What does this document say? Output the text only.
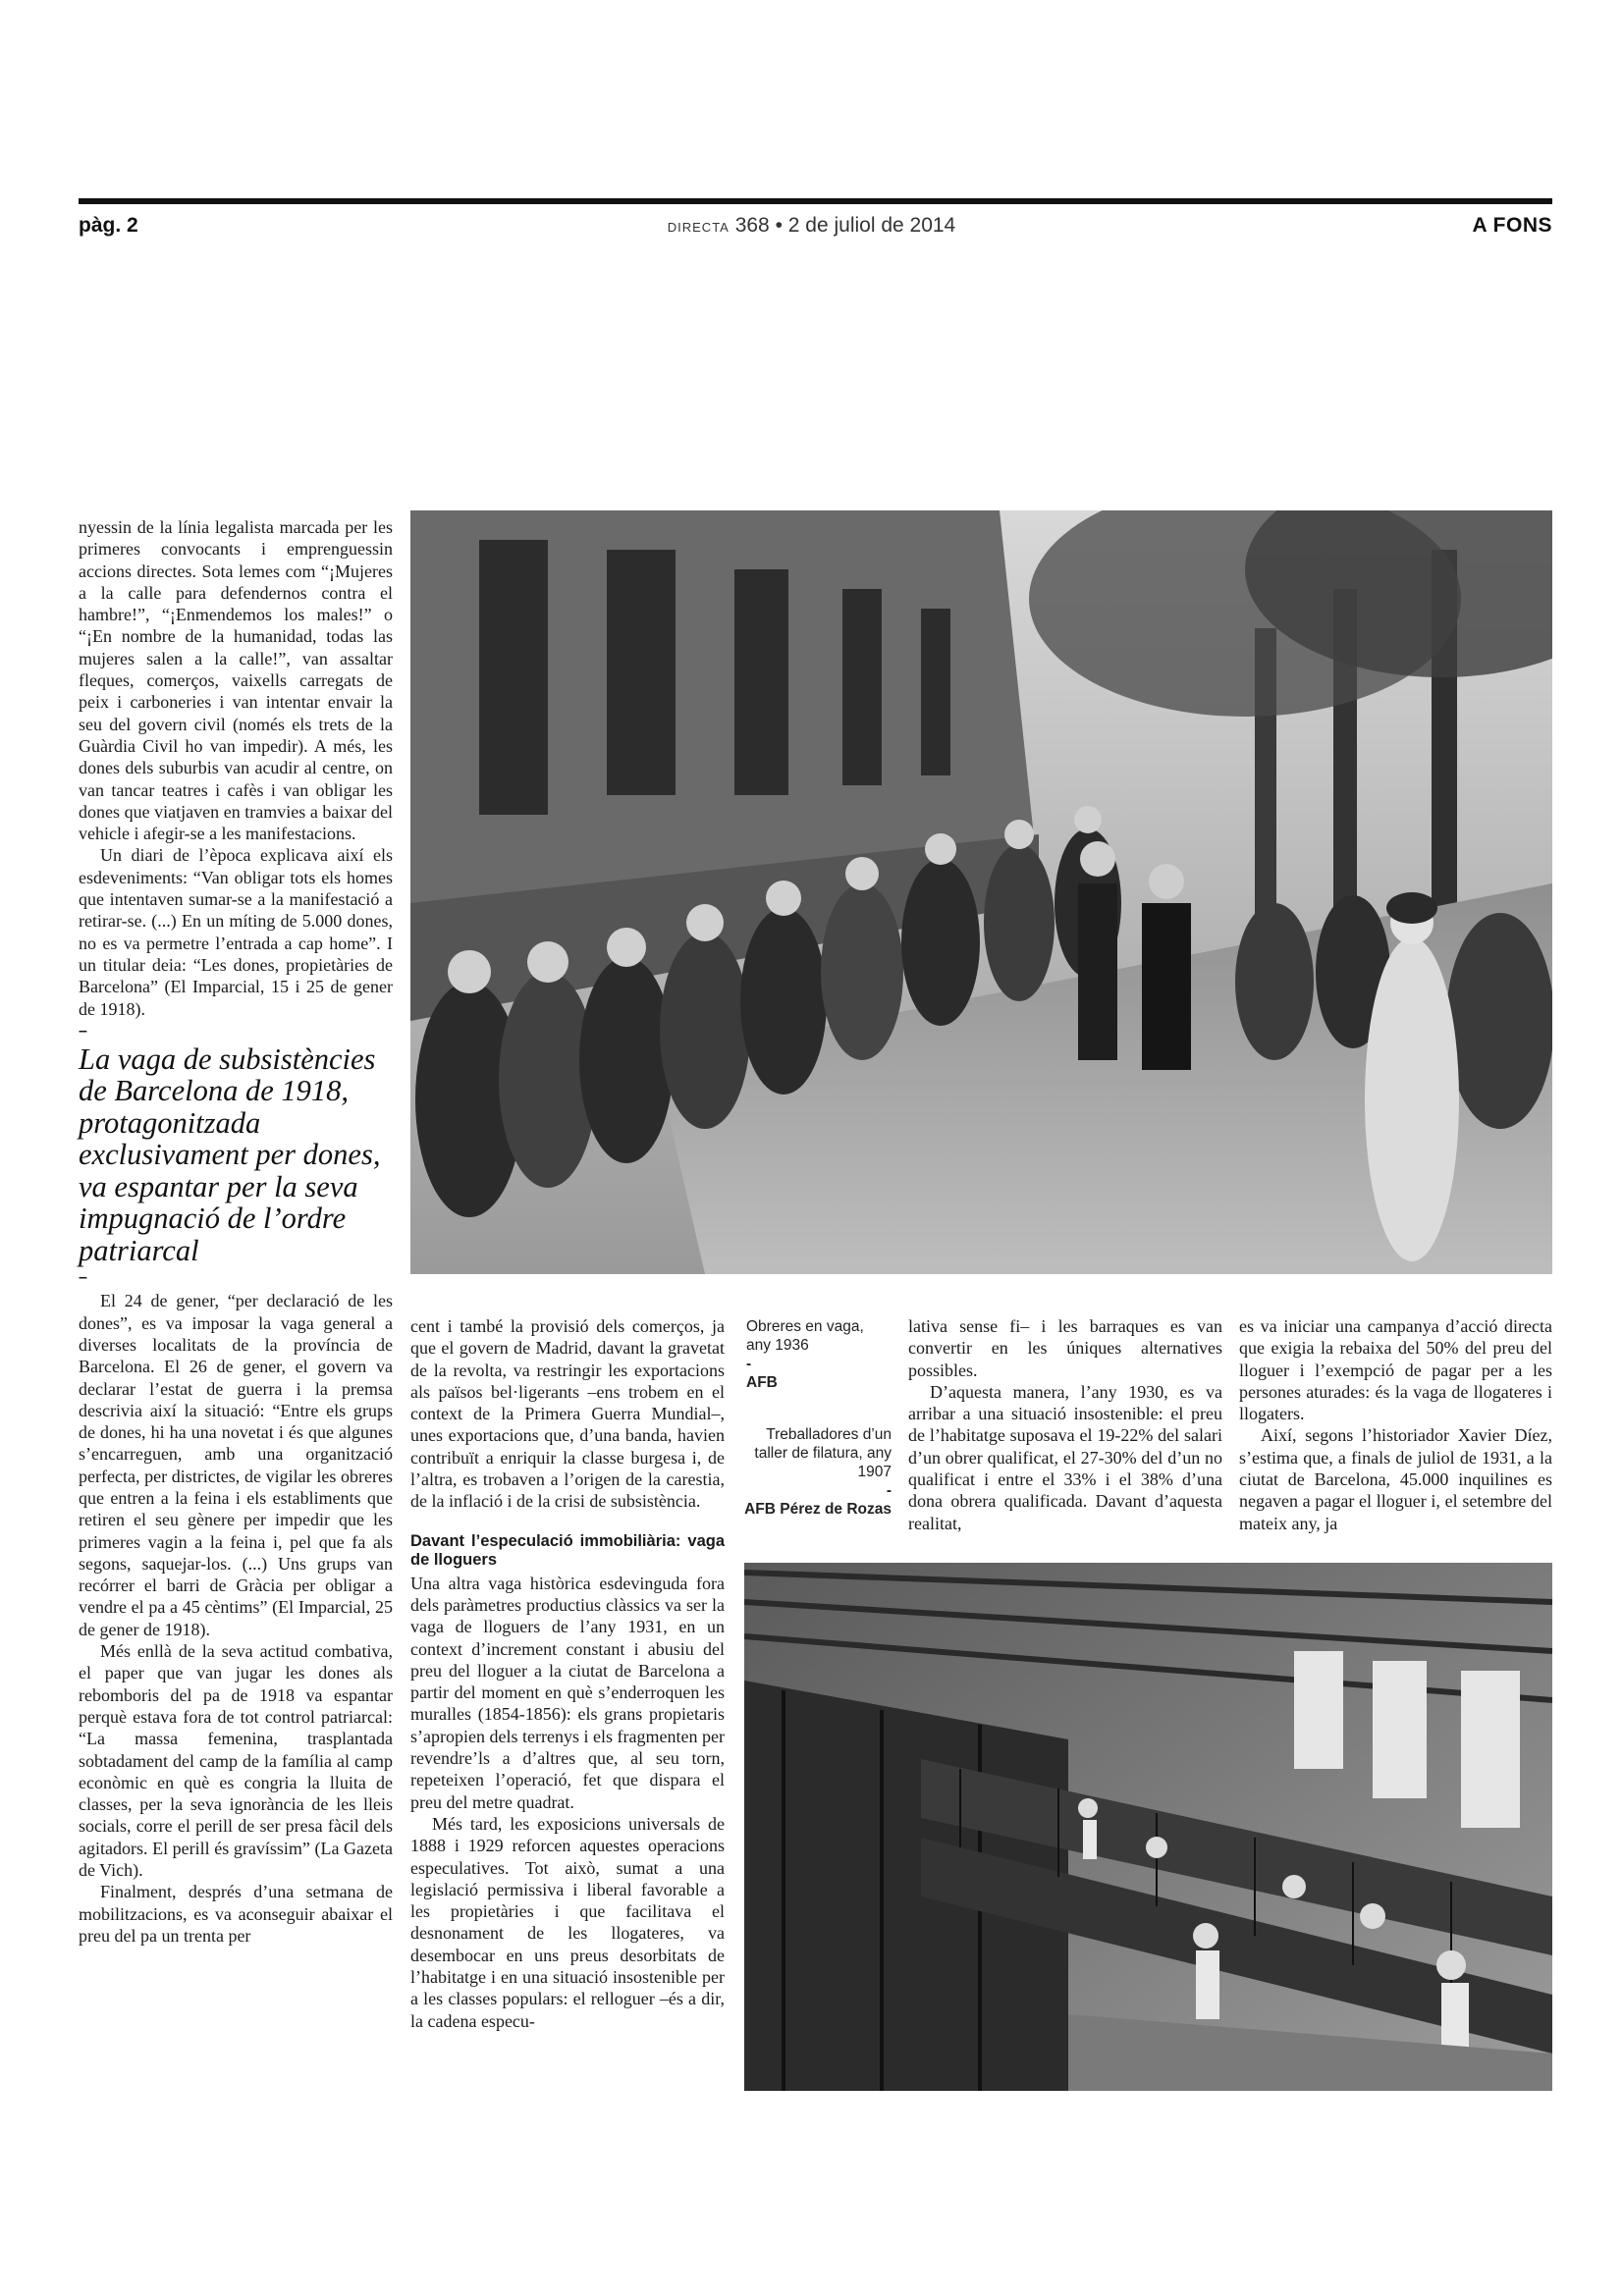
pàg. 2	DIRECTA 368 • 2 de juliol de 2014	A FONS

nyessin de la línia legalista marcada per les primeres convocants i emprenguessin accions directes. Sota lemes com “¡Mujeres a la calle para defendernos contra el hambre!”, “¡Enmendemos los males!” o “¡En nombre de la humanidad, todas las mujeres salen a la calle!”, van assaltar fleques, comerços, vaixells carregats de peix i carboneries i van intentar envair la seu del govern civil (només els trets de la Guàrdia Civil ho van impedir). A més, les dones dels suburbis van acudir al centre, on van tancar teatres i cafès i van obligar les dones que viatjaven en tramvies a baixar del vehicle i afegir-se a les manifestacions.

Un diari de l’època explicava així els esdeveniments: “Van obligar tots els homes que intentaven sumar-se a la manifestació a retirar-se. (...) En un míting de 5.000 dones, no es va permetre l’entrada a cap home”. I un titular deia: “Les dones, propietàries de Barcelona” (El Imparcial, 15 i 25 de gener de 1918).

–
La vaga de subsistències de Barcelona de 1918, protagonitzada exclusivament per dones, va espantar per la seva impugnació de l’ordre patriarcal
–

El 24 de gener, “per declaració de les dones”, es va imposar la vaga general a diverses localitats de la província de Barcelona. El 26 de gener, el govern va declarar l’estat de guerra i la premsa descrivia així la situació: “Entre els grups de dones, hi ha una novetat i és que algunes s’encarreguen, amb una organització perfecta, per districtes, de vigilar les obreres que entren a la feina i els establiments que retiren el seu gènere per impedir que les primeres vagin a la feina i, pel que fa als segons, saquejar-los. (...) Uns grups van recórrer el barri de Gràcia per obligar a vendre el pa a 45 cèntims” (El Imparcial, 25 de gener de 1918).

Més enllà de la seva actitud combativa, el paper que van jugar les dones als rebomboris del pa de 1918 va espantar perquè estava fora de tot control patriarcal: “La massa femenina, trasplantada sobtadament del camp de la família al camp econòmic en què es congria la lluita de classes, per la seva ignorància de les lleis socials, corre el perill de ser presa fàcil dels agitadors. El perill és gravíssim” (La Gazeta de Vich).

Finalment, després d’una setmana de mobilitzacions, es va aconseguir abaixar el preu del pa un trenta per

cent i també la provisió dels comerços, ja que el govern de Madrid, davant la gravetat de la revolta, va restringir les exportacions als països bel·ligerants –ens trobem en el context de la Primera Guerra Mundial–, unes exportacions que, d’una banda, havien contribuït a enriquir la classe burgesa i, de l’altra, es trobaven a l’origen de la carestia, de la inflació i de la crisi de subsistència.

Davant l’especulació immobiliària: vaga de lloguers

Una altra vaga històrica esdevinguda fora dels paràmetres productius clàssics va ser la vaga de lloguers de l’any 1931, en un context d’increment constant i abusiu del preu del lloguer a la ciutat de Barcelona a partir del moment en què s’enderroquen les muralles (1854-1856): els grans propietaris s’apropien dels terrenys i els fragmenten per revendre’ls a d’altres que, al seu torn, repeteixen l’operació, fet que dispara el preu del metre quadrat.

Més tard, les exposicions universals de 1888 i 1929 reforcen aquestes operacions especulatives. Tot això, sumat a una legislació permissiva i liberal favorable a les propietàries i que facilitava el desnonament de les llogateres, va desembocar en uns preus desorbitats de l’habitatge i en una situació insostenible per a les classes populars: el relloguer –és a dir, la cadena especu-

Obreres en vaga, any 1936
-
AFB
Treballadores d’un taller de filatura, any 1907
-
AFB Pérez de Rozas

lativa sense fi– i les barraques es van convertir en les úniques alternatives possibles.

D’aquesta manera, l’any 1930, es va arribar a una situació insostenible: el preu de l’habitatge suposava el 19-22% del salari d’un obrer qualificat, el 27-30% del d’un no qualificat i entre el 33% i el 38% d’una dona obrera qualificada. Davant d’aquesta realitat,

es va iniciar una campanya d’acció directa que exigia la rebaixa del 50% del preu del lloguer i l’exempció de pagar per a les persones aturades: és la vaga de llogateres i llogaters.

Així, segons l’historiador Xavier Díez, s’estima que, a finals de juliol de 1931, a la ciutat de Barcelona, 45.000 inquilines es negaven a pagar el lloguer i, el setembre del mateix any, ja
